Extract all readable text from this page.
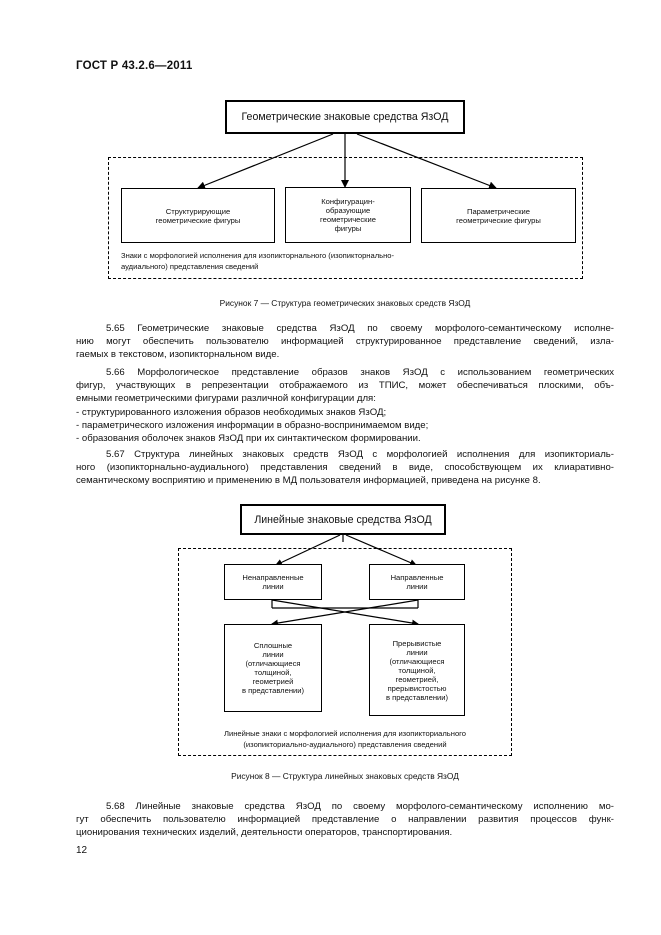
ГОСТ Р 43.2.6—2011
Геометрические знаковые средства ЯзОД
Структурирующие геометрические фигуры
Конфигурацин-образующие геометрические фигуры
Параметрические геометрические фигуры
Знаки с морфологией исполнения для изопикторнального (изопикторнально-
аудиального) представления сведений
Рисунок 7 — Структура геометрических знаковых средств ЯзОД

5.65 Геометрические знаковые средства ЯзОД по своему морфолого-семантическому исполне-

нию могут обеспечить пользователю информацией структурированное представление сведений, изла-

гаемых в текстовом, изопикторнальном виде.

5.66 Морфологическое представление образов знаков ЯзОД с использованием геометрических

фигур, участвующих в репрезентации отображаемого из ТПИС, может обеспечиваться плоскими, объ-

емными геометрическими фигурами различной конфигурации для:

- структурированного изложения образов необходимых знаков ЯзОД;

- параметрического изложения информации в образно-воспринимаемом виде;

- образования оболочек знаков ЯзОД при их синтактическом формировании.

5.67 Структура линейных знаковых средств ЯзОД с морфологией исполнения для изопикториаль-

ного (изопикторнально-аудиального) представления сведений в виде, способствующем их клиаративно-

семантическому восприятию и применению в МД пользователя информацией, приведена на рисунке 8.

Линейные знаковые средства ЯзОД
Ненаправленные
линии
Направленные
линии
Сплошные
линии
(отличающиеся
толщиной,
геометрией
в представлении)
Прерывистые
линии
(отличающиеся
толщиной,
геометрией,
прерывистостью
в представлении)
Линейные знаки с морфологией исполнения для изопикториального
(изопикториально-аудиального) представления сведений
Рисунок 8 — Структура линейных знаковых средств ЯзОД

5.68 Линейные знаковые средства ЯзОД по своему морфолого-семантическому исполнению мо-

гут обеспечить пользователю информацией представление о направлении развития процессов функ-

ционирования технических изделий, деятельности операторов, транспортирования.

12
